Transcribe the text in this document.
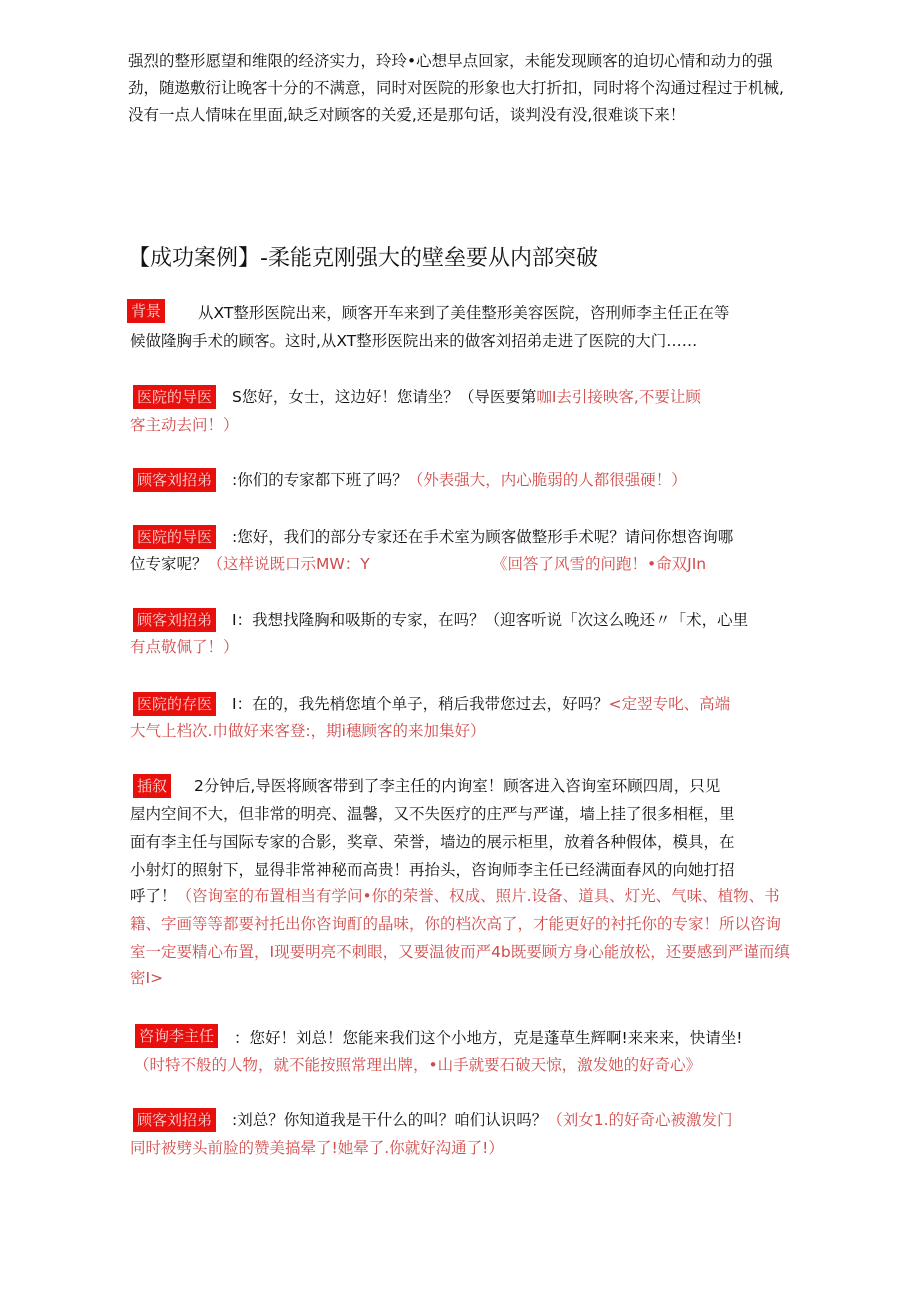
强烈的整形愿望和维限的经济实力，玲玲•心想早点回家，未能发现顾客的迫切心情和动力的强
劲，随遨敷衍让晚客十分的不满意，同时对医院的形象也大打折扣，同时将个沟通过程过于机械,
没有一点人情味在里面,缺乏对顾客的关爱,还是那句话，谈判没有没,很难谈下来！
【成功案例】-柔能克刚强大的壁垒要从内部突破
背景 从XT整形医院出来，顾客开车来到了美佳整形美容医院，咨刑师李主任正在等
候做隆胸手术的顾客。这时,从XT整形医院出来的做客刘招弟走进了医院的大门……
医院的导医 S您好，女士，这边好！您请坐？（导医要第咖I去引接映客,不要让顾
客主动去问！）
顾客刘招弟 :你们的专家都下班了吗？（外表强大，内心脆弱的人都很强硬！）
医院的导医 :您好，我们的部分专家还在手术室为顾客做整形手术呢？请问你想咨询哪
位专家呢？（这样说既口示MW：Y	《回答了风雪的问跑！•命双JIn
顾客刘招弟 I：我想找隆胸和吸斯的专家，在吗？（迎客听说「次这么晚还〃「术，心里
有点敬佩了！）
医院的存医 I：在的，我先梢您埴个单子，稍后我带您过去，好吗？<定翌专叱、高端
大气上档次.巾做好来客登:，期i穗顾客的来加集好）
插叙 2分钟后,导医将顾客带到了李主任的内询室！顾客进入咨询室环顾四周，只见
屋内空间不大，但非常的明亮、温馨，又不失医疗的庄严与严谨，墙上挂了很多相框，里
面有李主任与国际专家的合影，奖章、荣誉，墙边的展示柜里，放着各种假体，模具，在
小射灯的照射下，显得非常神秘而高贵！再抬头，咨询师李主任已经满面春风的向她打招
呼了！（咨询室的布置相当有学问•你的荣誉、权成、照片.设备、道具、灯光、气味、植物、书
籍、字画等等都要衬托出你咨询酊的晶味，你的档次高了，才能更好的衬托你的专家！所以咨询
室一定要精心布置，I现要明亮不刺眼，又要温彼而严4b既要顾方身心能放松，还要感到严谨而缜
密I>
咨询李主任 ：您好！刘总！您能来我们这个小地方，克是蓬草生辉啊!来来来，快请坐!
（时特不般的人物，就不能按照常理出牌，•山手就要石破天惊，激发她的好奇心》
顾客刘招弟 :刘总？你知道我是干什么的叫？咱们认识吗？（刘女1.的好奇心被激发门
同时被劈头前脸的赞美搞晕了!她晕了.你就好沟通了!）
